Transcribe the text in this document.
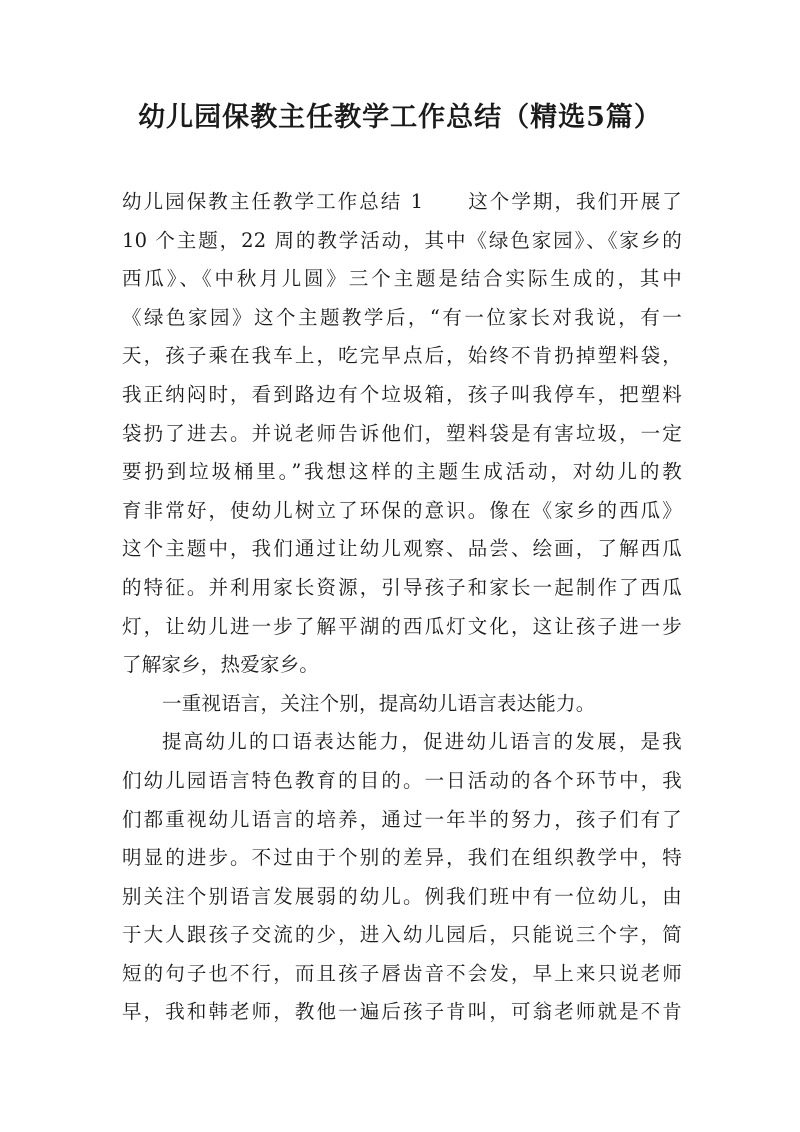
幼儿园保教主任教学工作总结（精选5篇）
幼儿园保教主任教学工作总结 1　　这个学期，我们开展了
10 个主题，22 周的教学活动，其中《绿色家园》、《家乡的
西瓜》、《中秋月儿圆》三个主题是结合实际生成的，其中
《绿色家园》这个主题教学后，“有一位家长对我说，有一
天，孩子乘在我车上，吃完早点后，始终不肯扔掉塑料袋，
我正纳闷时，看到路边有个垃圾箱，孩子叫我停车，把塑料
袋扔了进去。并说老师告诉他们，塑料袋是有害垃圾，一定
要扔到垃圾桶里。”我想这样的主题生成活动，对幼儿的教
育非常好，使幼儿树立了环保的意识。像在《家乡的西瓜》
这个主题中，我们通过让幼儿观察、品尝、绘画，了解西瓜
的特征。并利用家长资源，引导孩子和家长一起制作了西瓜
灯，让幼儿进一步了解平湖的西瓜灯文化，这让孩子进一步
了解家乡，热爱家乡。
一重视语言，关注个别，提高幼儿语言表达能力。
提高幼儿的口语表达能力，促进幼儿语言的发展，是我
们幼儿园语言特色教育的目的。一日活动的各个环节中，我
们都重视幼儿语言的培养，通过一年半的努力，孩子们有了
明显的进步。不过由于个别的差异，我们在组织教学中，特
别关注个别语言发展弱的幼儿。例我们班中有一位幼儿，由
于大人跟孩子交流的少，进入幼儿园后，只能说三个字，简
短的句子也不行，而且孩子唇齿音不会发，早上来只说老师
早，我和韩老师，教他一遍后孩子肯叫，可翁老师就是不肯
